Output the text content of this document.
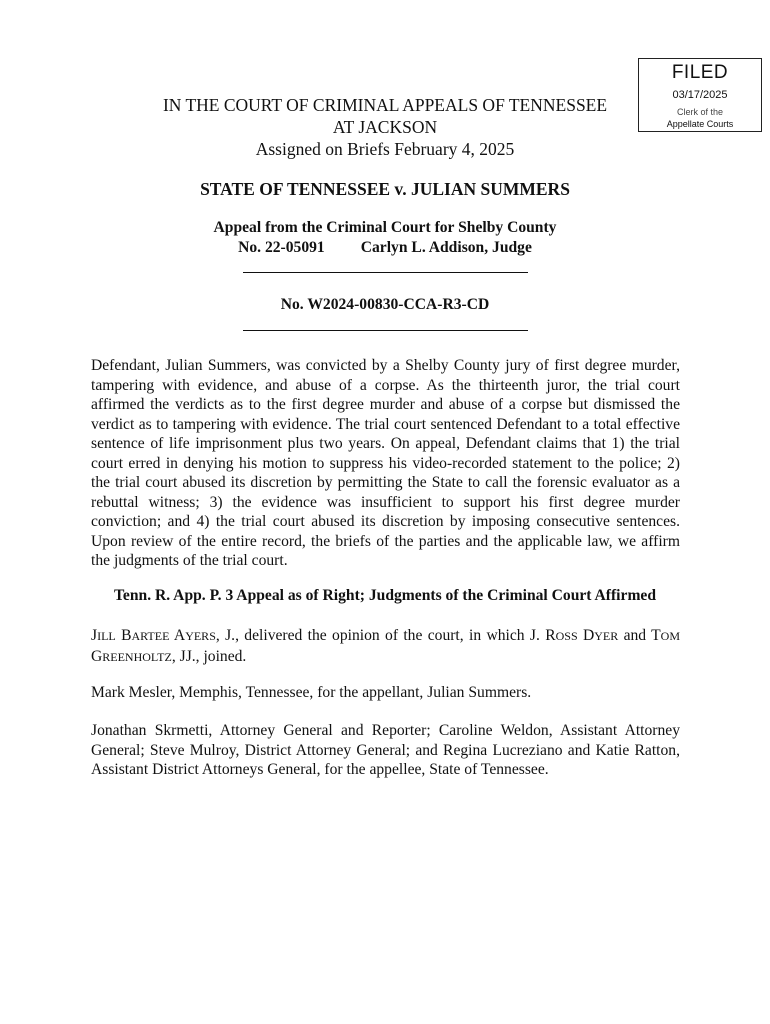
FILED
03/17/2025
Clerk of the
Appellate Courts
IN THE COURT OF CRIMINAL APPEALS OF TENNESSEE
AT JACKSON
Assigned on Briefs February 4, 2025
STATE OF TENNESSEE v. JULIAN SUMMERS
Appeal from the Criminal Court for Shelby County
No. 22-05091 Carlyn L. Addison, Judge
No. W2024-00830-CCA-R3-CD
Defendant, Julian Summers, was convicted by a Shelby County jury of first degree murder, tampering with evidence, and abuse of a corpse. As the thirteenth juror, the trial court affirmed the verdicts as to the first degree murder and abuse of a corpse but dismissed the verdict as to tampering with evidence. The trial court sentenced Defendant to a total effective sentence of life imprisonment plus two years. On appeal, Defendant claims that 1) the trial court erred in denying his motion to suppress his video-recorded statement to the police; 2) the trial court abused its discretion by permitting the State to call the forensic evaluator as a rebuttal witness; 3) the evidence was insufficient to support his first degree murder conviction; and 4) the trial court abused its discretion by imposing consecutive sentences. Upon review of the entire record, the briefs of the parties and the applicable law, we affirm the judgments of the trial court.
Tenn. R. App. P. 3 Appeal as of Right; Judgments of the Criminal Court Affirmed
JILL BARTEE AYERS, J., delivered the opinion of the court, in which J. ROSS DYER and TOM GREENHOLTZ, JJ., joined.
Mark Mesler, Memphis, Tennessee, for the appellant, Julian Summers.
Jonathan Skrmetti, Attorney General and Reporter; Caroline Weldon, Assistant Attorney General; Steve Mulroy, District Attorney General; and Regina Lucreziano and Katie Ratton, Assistant District Attorneys General, for the appellee, State of Tennessee.
